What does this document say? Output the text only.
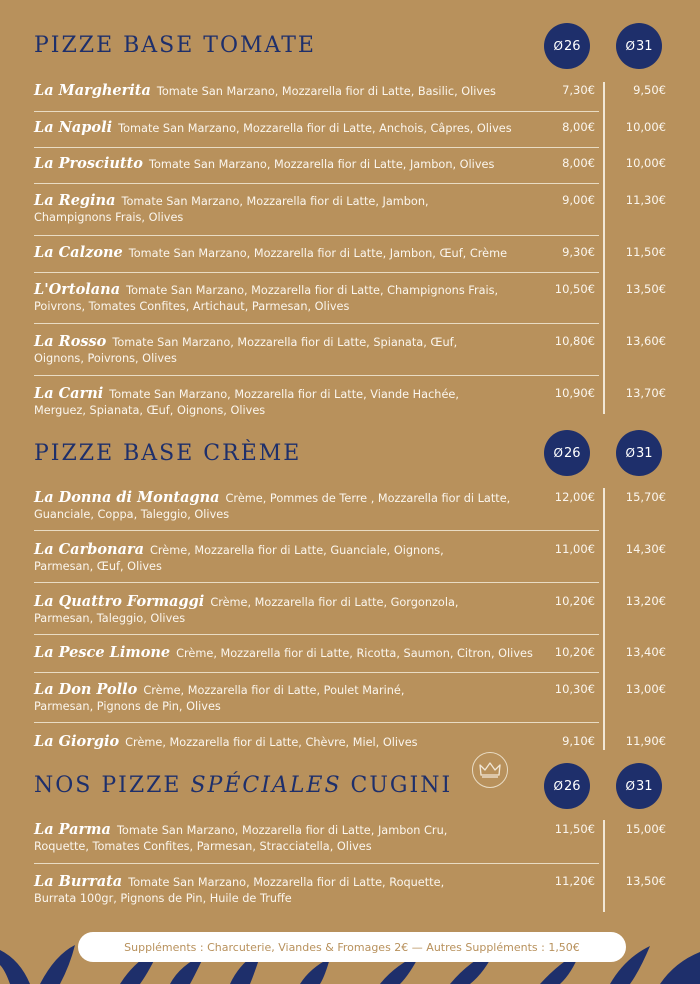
PIZZE BASE TOMATE	Ø 26	Ø 31
La Margherita Tomate San Marzano, Mozzarella fior di Latte, Basilic, Olives	7,30€	9,50€
La Napoli Tomate San Marzano, Mozzarella fior di Latte, Anchois, Câpres, Olives	8,00€	10,00€
La Prosciutto Tomate San Marzano, Mozzarella fior di Latte, Jambon, Olives	8,00€	10,00€
La Regina Tomate San Marzano, Mozzarella fior di Latte, Jambon, Champignons Frais, Olives
9,00€	11,30€
La Calzone Tomate San Marzano, Mozzarella fior di Latte, Jambon, Œuf, Crème	9,30€	11,50€
L'Ortolana Tomate San Marzano, Mozzarella fior di Latte, Champignons Frais, Poivrons, Tomates Confites, Artichaut, Parmesan, Olives
10,50€	13,50€
La Rosso Tomate San Marzano, Mozzarella fior di Latte, Spianata, Œuf, Oignons, Poivrons, Olives
10,80€	13,60€
La Carni Tomate San Marzano, Mozzarella fior di Latte, Viande Hachée, Merguez, Spianata, Œuf, Oignons, Olives
10,90€	13,70€
PIZZE BASE CRÈME	Ø 26	Ø 31
La Donna di Montagna Crème, Pommes de Terre , Mozzarella fior di Latte, Guanciale, Coppa, Taleggio, Olives
12,00€	15,70€
La Carbonara Crème, Mozzarella fior di Latte, Guanciale, Oignons, Parmesan, Œuf, Olives
11,00€	14,30€
La Quattro Formaggi Crème, Mozzarella fior di Latte, Gorgonzola, Parmesan, Taleggio, Olives
10,20€	13,20€
La Pesce Limone Crème, Mozzarella fior di Latte, Ricotta, Saumon, Citron, Olives	10,20€	13,40€
La Don Pollo Crème, Mozzarella fior di Latte, Poulet Mariné, Parmesan, Pignons de Pin, Olives
10,30€	13,00€
La Giorgio Crème, Mozzarella fior di Latte, Chèvre, Miel, Olives	9,10€	11,90€
NOS PIZZE SPÉCIALES CUGINI	Ø 26	Ø 31
La Parma Tomate San Marzano, Mozzarella fior di Latte, Jambon Cru, Roquette, Tomates Confites, Parmesan, Stracciatella, Olives
11,50€	15,00€
La Burrata Tomate San Marzano, Mozzarella fior di Latte, Roquette, Burrata 100gr, Pignons de Pin, Huile de Truffe
11,20€	13,50€
Suppléments : Charcuterie, Viandes & Fromages 2€ — Autres Suppléments : 1,50€
